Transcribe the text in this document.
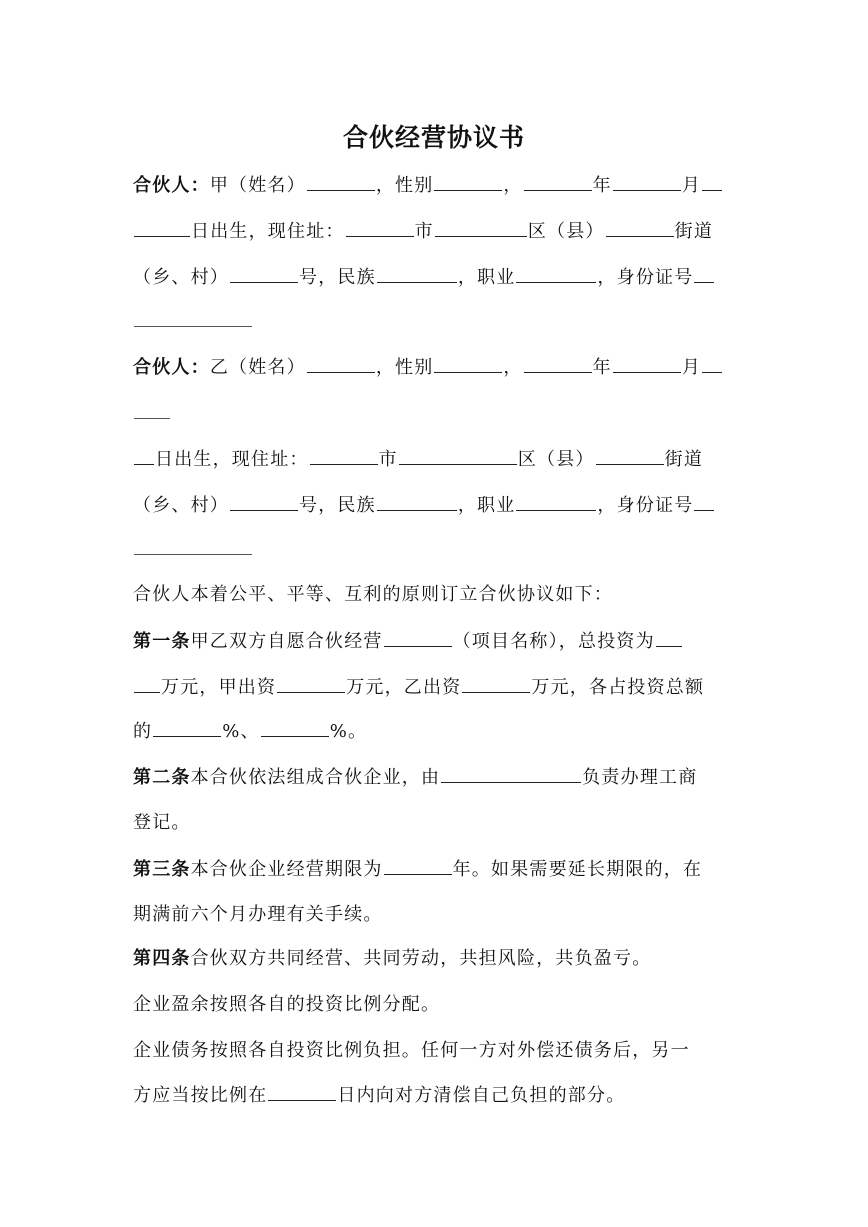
合伙经营协议书
合伙人：甲（姓名）	，性别	，	年	月
日出生，现住址：	市	区（县）	街道
（乡、村）	号，民族	，职业	，身份证号
合伙人：乙（姓名）	，性别	，	年	月
日出生，现住址：	市	区（县）	街道
（乡、村）	号，民族	，职业	，身份证号
合伙人本着公平、平等、互利的原则订立合伙协议如下：
第一条甲乙双方自愿合伙经营	（项目名称），总投资为
万元，甲出资	万元，乙出资	万元，各占投资总额
的	%、	%。
第二条本合伙依法组成合伙企业，由	负责办理工商
登记。
第三条本合伙企业经营期限为	年。如果需要延长期限的，在
期满前六个月办理有关手续。
第四条合伙双方共同经营、共同劳动，共担风险，共负盈亏。
企业盈余按照各自的投资比例分配。
企业债务按照各自投资比例负担。任何一方对外偿还债务后，另一
方应当按比例在	日内向对方清偿自己负担的部分。
